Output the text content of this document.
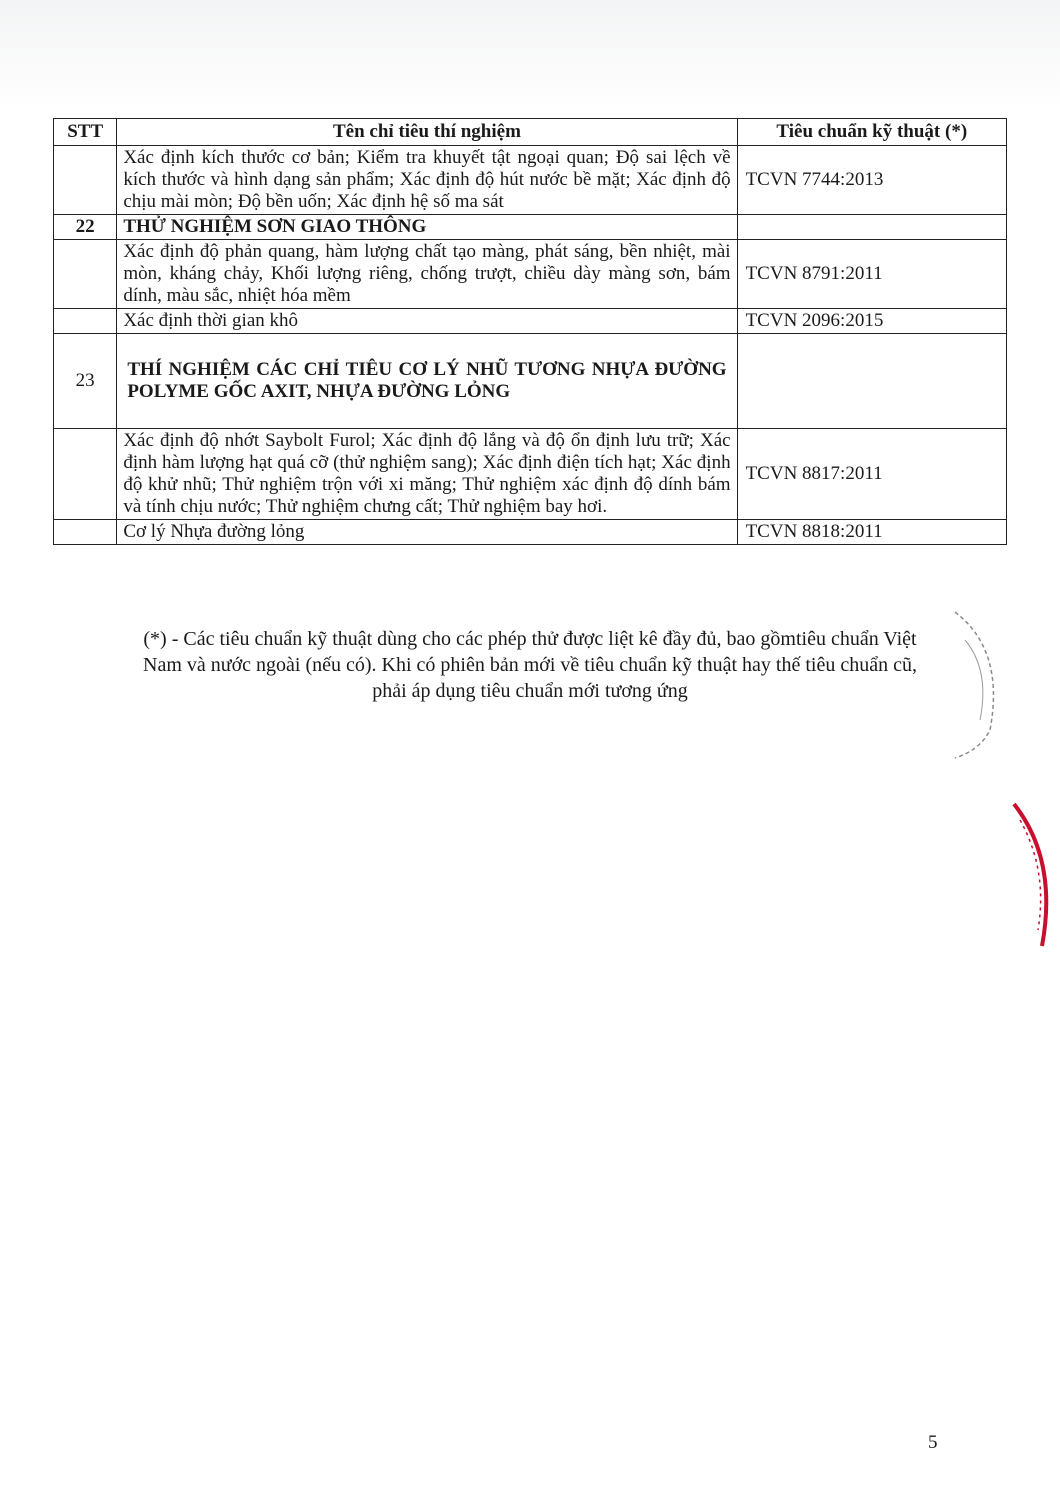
STT	Tên chỉ tiêu thí nghiệm	Tiêu chuẩn kỹ thuật (*)
	Xác định kích thước cơ bản; Kiểm tra khuyết tật ngoại quan; Độ sai lệch về kích thước và hình dạng sản phẩm; Xác định độ hút nước bề mặt; Xác định độ chịu mài mòn; Độ bền uốn; Xác định hệ số ma sát	TCVN 7744:2013
22	THỬ NGHIỆM SƠN GIAO THÔNG	
	Xác định độ phản quang, hàm lượng chất tạo màng, phát sáng, bền nhiệt, mài mòn, kháng chảy, Khối lượng riêng, chống trượt, chiều dày màng sơn, bám dính, màu sắc, nhiệt hóa mềm	TCVN 8791:2011
	Xác định thời gian khô	TCVN 2096:2015
23	THÍ NGHIỆM CÁC CHỈ TIÊU CƠ LÝ NHŨ TƯƠNG NHỰA ĐƯỜNG POLYME GỐC AXIT, NHỰA ĐƯỜNG LỎNG	
	Xác định độ nhớt Saybolt Furol; Xác định độ lắng và độ ổn định lưu trữ; Xác định hàm lượng hạt quá cỡ (thử nghiệm sang); Xác định điện tích hạt; Xác định độ khử nhũ; Thử nghiệm trộn với xi măng; Thử nghiệm xác định độ dính bám và tính chịu nước; Thử nghiệm chưng cất; Thử nghiệm bay hơi.	TCVN 8817:2011
	Cơ lý Nhựa đường lỏng	TCVN 8818:2011
(*) - Các tiêu chuẩn kỹ thuật dùng cho các phép thử được liệt kê đầy đủ, bao gồmtiêu chuẩn Việt Nam và nước ngoài (nếu có). Khi có phiên bản mới về tiêu chuẩn kỹ thuật hay thế tiêu chuẩn cũ, phải áp dụng tiêu chuẩn mới tương ứng
5
